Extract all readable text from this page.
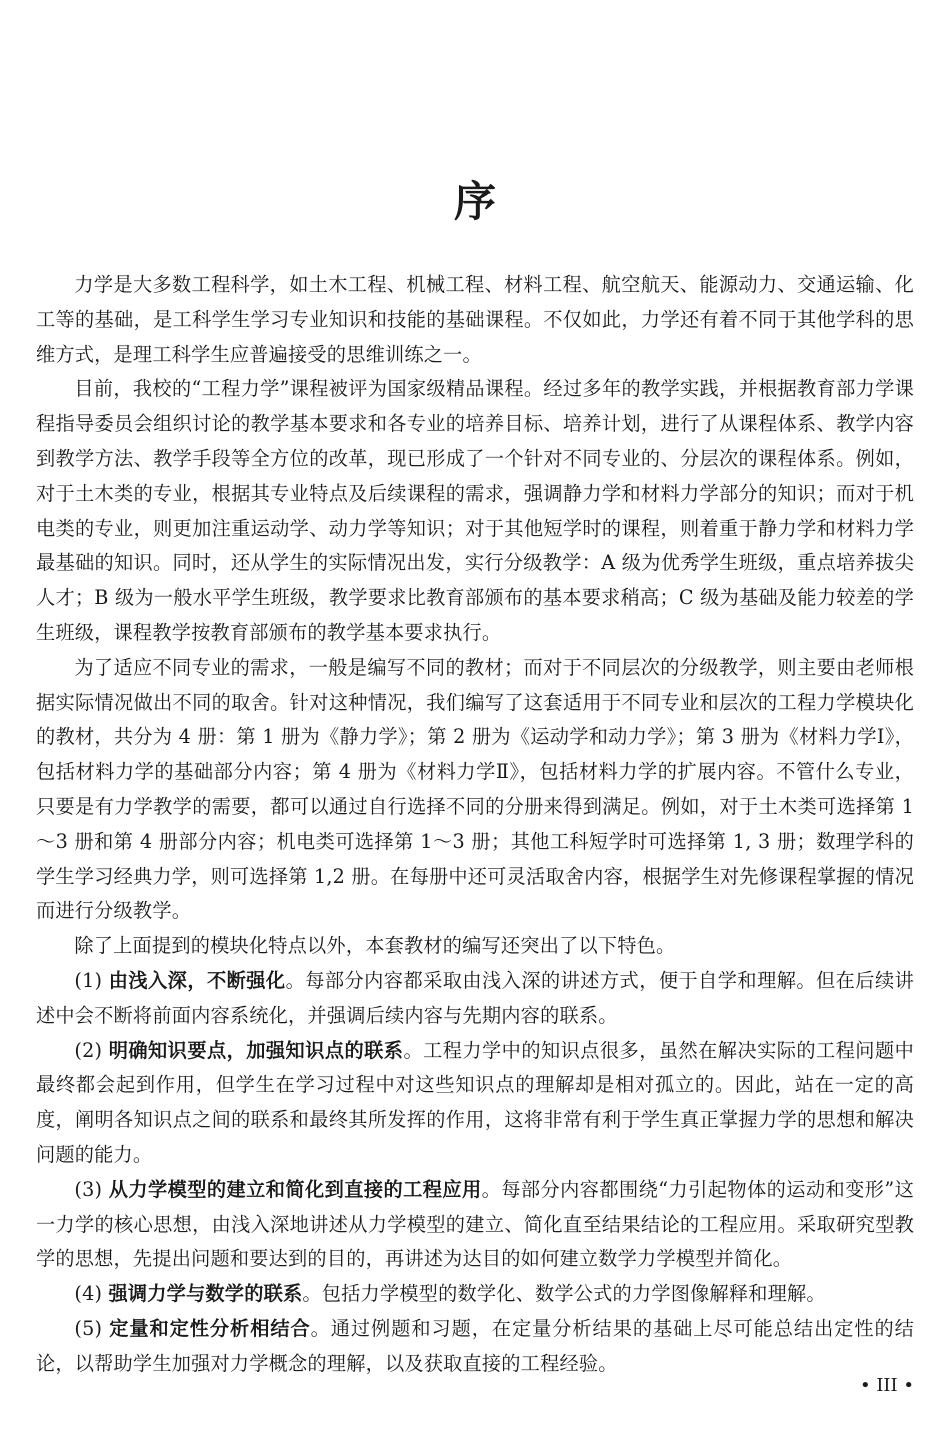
序

力学是大多数工程科学，如土木工程、机械工程、材料工程、航空航天、能源动力、交通运输、化工等的基础，是工科学生学习专业知识和技能的基础课程。不仅如此，力学还有着不同于其他学科的思维方式，是理工科学生应普遍接受的思维训练之一。

目前，我校的“工程力学”课程被评为国家级精品课程。经过多年的教学实践，并根据教育部力学课程指导委员会组织讨论的教学基本要求和各专业的培养目标、培养计划，进行了从课程体系、教学内容到教学方法、教学手段等全方位的改革，现已形成了一个针对不同专业的、分层次的课程体系。例如，对于土木类的专业，根据其专业特点及后续课程的需求，强调静力学和材料力学部分的知识；而对于机电类的专业，则更加注重运动学、动力学等知识；对于其他短学时的课程，则着重于静力学和材料力学最基础的知识。同时，还从学生的实际情况出发，实行分级教学：A 级为优秀学生班级，重点培养拔尖人才；B 级为一般水平学生班级，教学要求比教育部颁布的基本要求稍高；C 级为基础及能力较差的学生班级，课程教学按教育部颁布的教学基本要求执行。

为了适应不同专业的需求，一般是编写不同的教材；而对于不同层次的分级教学，则主要由老师根据实际情况做出不同的取舍。针对这种情况，我们编写了这套适用于不同专业和层次的工程力学模块化的教材，共分为 4 册：第 1 册为《静力学》；第 2 册为《运动学和动力学》；第 3 册为《材料力学Ⅰ》，包括材料力学的基础部分内容；第 4 册为《材料力学Ⅱ》，包括材料力学的扩展内容。不管什么专业，只要是有力学教学的需要，都可以通过自行选择不同的分册来得到满足。例如，对于土木类可选择第 1～3 册和第 4 册部分内容；机电类可选择第 1～3 册；其他工科短学时可选择第 1, 3 册；数理学科的学生学习经典力学，则可选择第 1,2 册。在每册中还可灵活取舍内容，根据学生对先修课程掌握的情况而进行分级教学。

除了上面提到的模块化特点以外，本套教材的编写还突出了以下特色。

(1) 由浅入深，不断强化。每部分内容都采取由浅入深的讲述方式，便于自学和理解。但在后续讲述中会不断将前面内容系统化，并强调后续内容与先期内容的联系。

(2) 明确知识要点，加强知识点的联系。工程力学中的知识点很多，虽然在解决实际的工程问题中最终都会起到作用，但学生在学习过程中对这些知识点的理解却是相对孤立的。因此，站在一定的高度，阐明各知识点之间的联系和最终其所发挥的作用，这将非常有利于学生真正掌握力学的思想和解决问题的能力。

(3) 从力学模型的建立和简化到直接的工程应用。每部分内容都围绕“力引起物体的运动和变形”这一力学的核心思想，由浅入深地讲述从力学模型的建立、简化直至结果结论的工程应用。采取研究型教学的思想，先提出问题和要达到的目的，再讲述为达目的如何建立数学力学模型并简化。

(4) 强调力学与数学的联系。包括力学模型的数学化、数学公式的力学图像解释和理解。

(5) 定量和定性分析相结合。通过例题和习题，在定量分析结果的基础上尽可能总结出定性的结论，以帮助学生加强对力学概念的理解，以及获取直接的工程经验。

• III •
